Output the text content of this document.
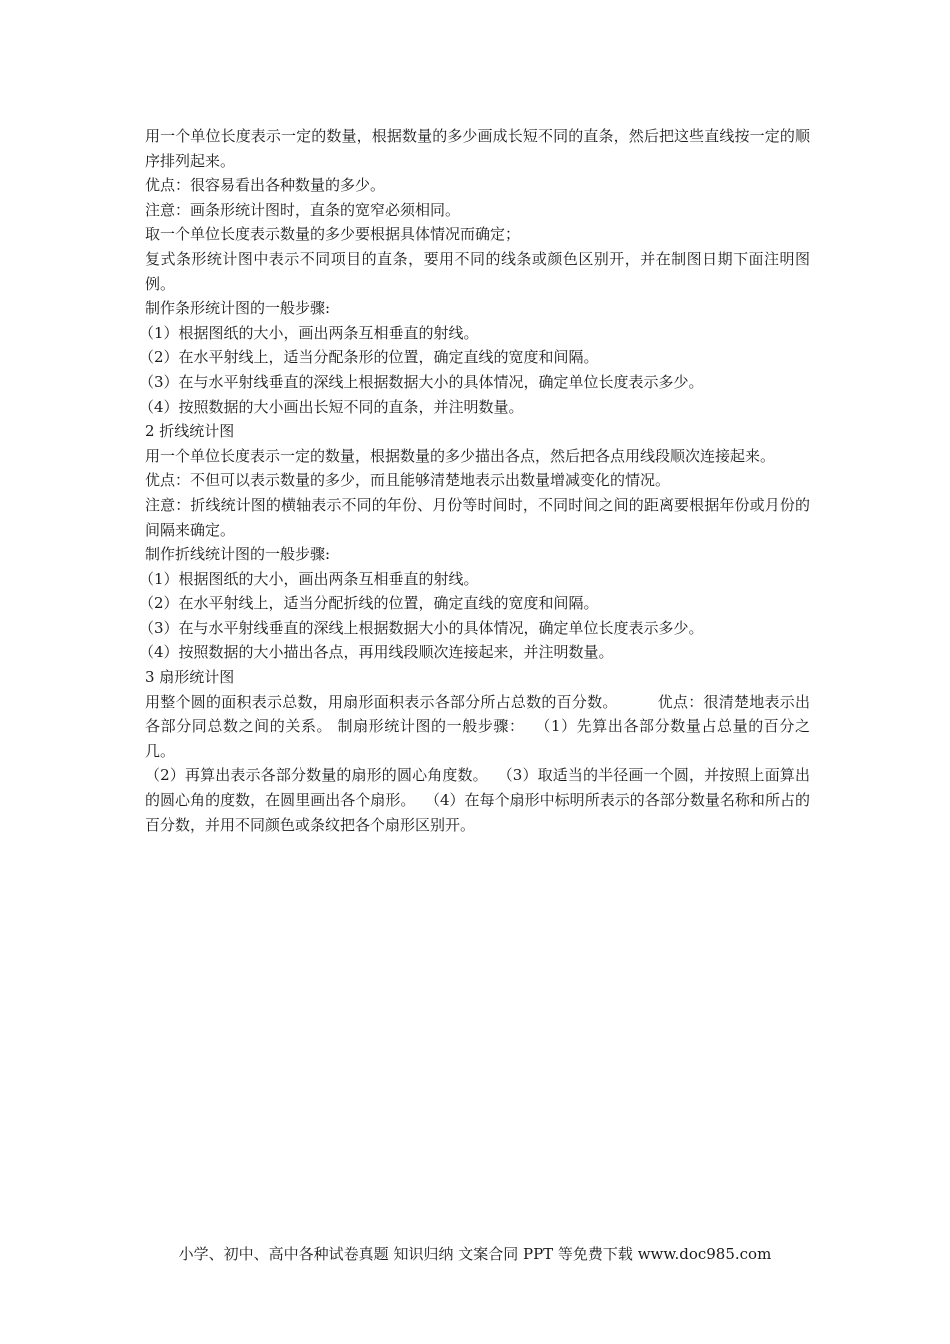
用一个单位长度表示一定的数量，根据数量的多少画成长短不同的直条，然后把这些直线按一定的顺序排列起来。

优点：很容易看出各种数量的多少。

注意：画条形统计图时，直条的宽窄必须相同。

取一个单位长度表示数量的多少要根据具体情况而确定；

复式条形统计图中表示不同项目的直条，要用不同的线条或颜色区别开，并在制图日期下面注明图例。

制作条形统计图的一般步骤:

（1）根据图纸的大小，画出两条互相垂直的射线。

（2）在水平射线上，适当分配条形的位置，确定直线的宽度和间隔。

（3）在与水平射线垂直的深线上根据数据大小的具体情况，确定单位长度表示多少。

（4）按照数据的大小画出长短不同的直条，并注明数量。

2 折线统计图

用一个单位长度表示一定的数量，根据数量的多少描出各点，然后把各点用线段顺次连接起来。

优点：不但可以表示数量的多少，而且能够清楚地表示出数量增减变化的情况。

注意：折线统计图的横轴表示不同的年份、月份等时间时，不同时间之间的距离要根据年份或月份的间隔来确定。

制作折线统计图的一般步骤:

（1）根据图纸的大小，画出两条互相垂直的射线。

（2）在水平射线上，适当分配折线的位置，确定直线的宽度和间隔。

（3）在与水平射线垂直的深线上根据数据大小的具体情况，确定单位长度表示多少。

（4）按照数据的大小描出各点，再用线段顺次连接起来，并注明数量。

3 扇形统计图

用整个圆的面积表示总数，用扇形面积表示各部分所占总数的百分数。        优点：很清楚地表示出各部分同总数之间的关系。 制扇形统计图的一般步骤：  （1）先算出各部分数量占总量的百分之几。

（2）再算出表示各部分数量的扇形的圆心角度数。  （3）取适当的半径画一个圆，并按照上面算出的圆心角的度数，在圆里画出各个扇形。  （4）在每个扇形中标明所表示的各部分数量名称和所占的百分数，并用不同颜色或条纹把各个扇形区别开。

小学、初中、高中各种试卷真题 知识归纳 文案合同 PPT 等免费下载 www.doc985.com
